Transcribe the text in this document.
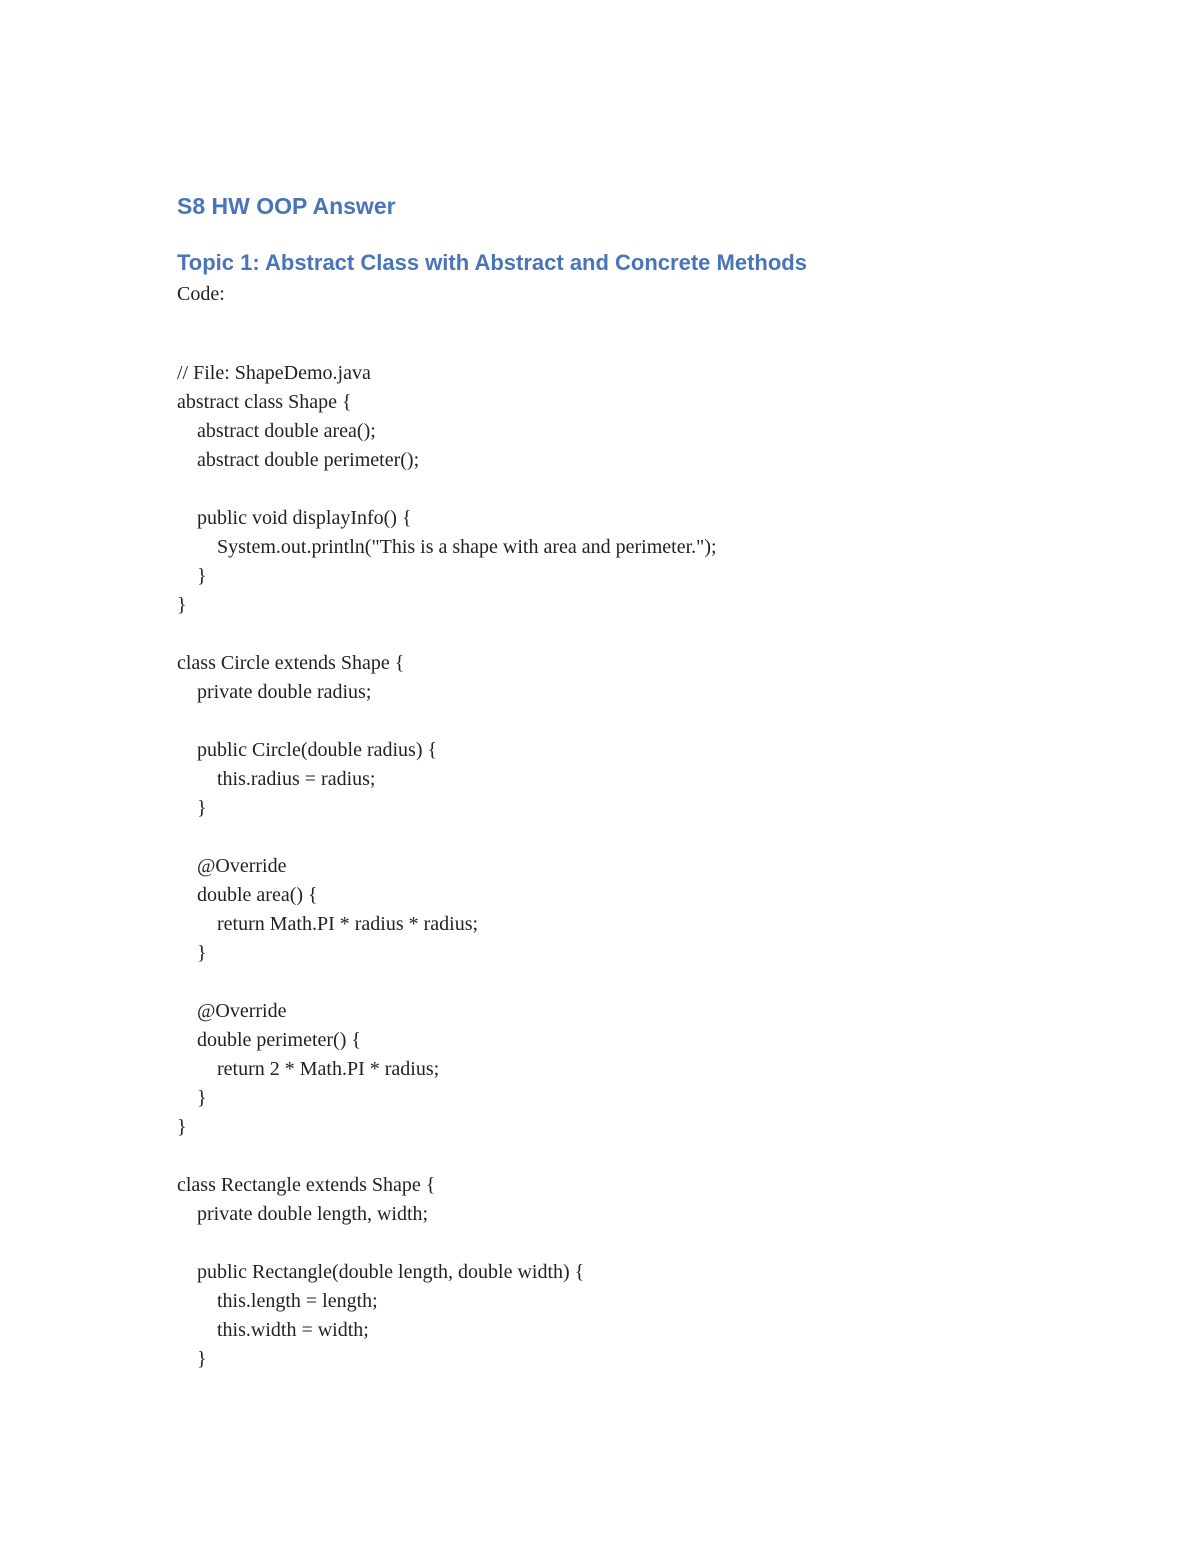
S8 HW OOP Answer
Topic 1: Abstract Class with Abstract and Concrete Methods
Code:
// File: ShapeDemo.java
abstract class Shape {
abstract double area();
abstract double perimeter();
public void displayInfo() {
System.out.println("This is a shape with area and perimeter.");
}
}
class Circle extends Shape {
private double radius;
public Circle(double radius) {
this.radius = radius;
}
@Override
double area() {
return Math.PI * radius * radius;
}
@Override
double perimeter() {
return 2 * Math.PI * radius;
}
}
class Rectangle extends Shape {
private double length, width;
public Rectangle(double length, double width) {
this.length = length;
this.width = width;
}
